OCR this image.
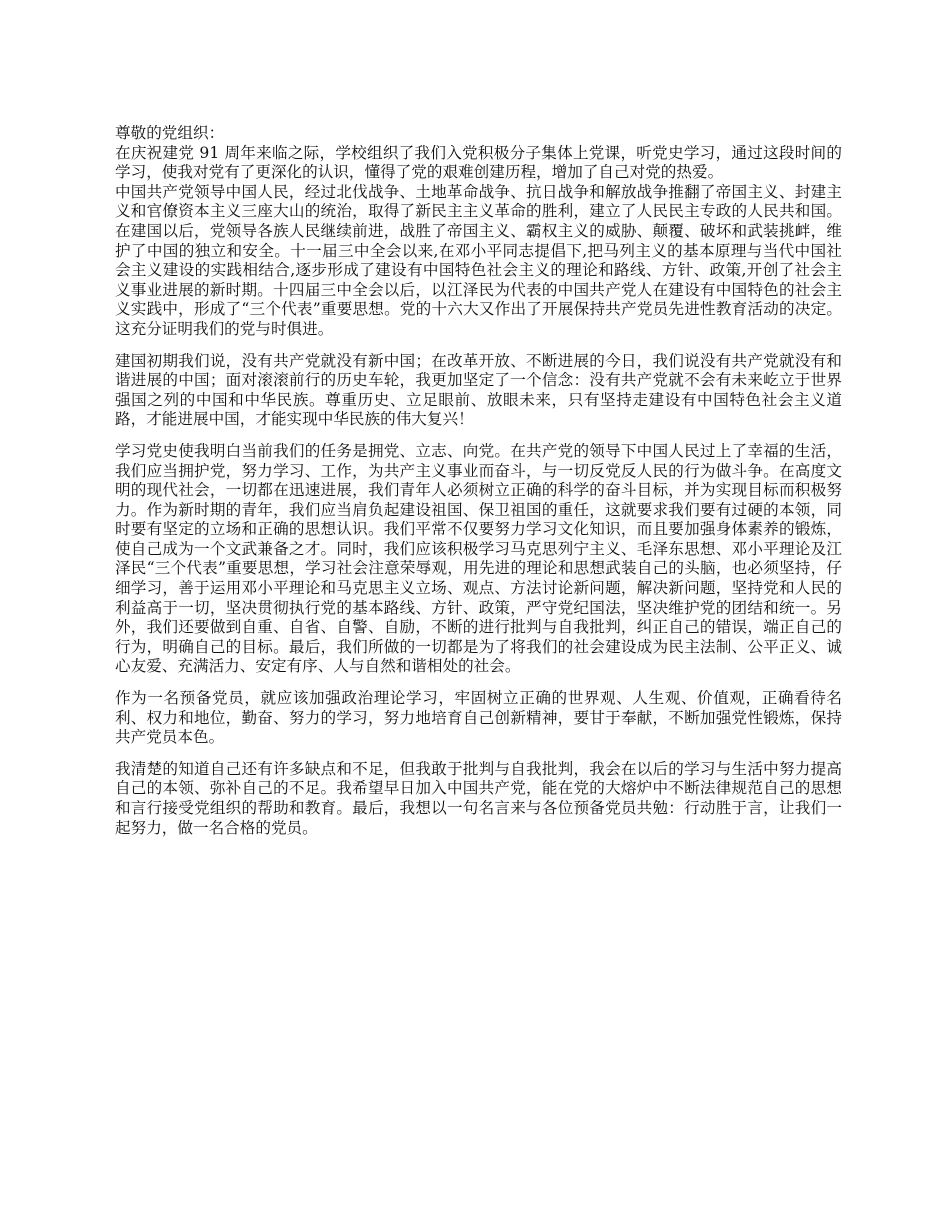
尊敬的党组织：

在庆祝建党 91 周年来临之际，学校组织了我们入党积极分子集体上党课，听党史学习，通过这段时间的学习，使我对党有了更深化的认识，懂得了党的艰难创建历程，增加了自己对党的热爱。

中国共产党领导中国人民，经过北伐战争、土地革命战争、抗日战争和解放战争推翻了帝国主义、封建主义和官僚资本主义三座大山的统治，取得了新民主主义革命的胜利，建立了人民民主专政的人民共和国。在建国以后，党领导各族人民继续前进，战胜了帝国主义、霸权主义的威胁、颠覆、破坏和武装挑衅，维护了中国的独立和安全。十一届三中全会以来,在邓小平同志提倡下,把马列主义的基本原理与当代中国社会主义建设的实践相结合,逐步形成了建设有中国特色社会主义的理论和路线、方针、政策,开创了社会主义事业进展的新时期。十四届三中全会以后，以江泽民为代表的中国共产党人在建设有中国特色的社会主义实践中，形成了“三个代表”重要思想。党的十六大又作出了开展保持共产党员先进性教育活动的决定。这充分证明我们的党与时俱进。

建国初期我们说，没有共产党就没有新中国；在改革开放、不断进展的今日，我们说没有共产党就没有和谐进展的中国；面对滚滚前行的历史车轮，我更加坚定了一个信念：没有共产党就不会有未来屹立于世界强国之列的中国和中华民族。尊重历史、立足眼前、放眼未来，只有坚持走建设有中国特色社会主义道路，才能进展中国，才能实现中华民族的伟大复兴！

学习党史使我明白当前我们的任务是拥党、立志、向党。在共产党的领导下中国人民过上了幸福的生活，我们应当拥护党，努力学习、工作，为共产主义事业而奋斗，与一切反党反人民的行为做斗争。在高度文明的现代社会，一切都在迅速进展，我们青年人必须树立正确的科学的奋斗目标，并为实现目标而积极努力。作为新时期的青年，我们应当肩负起建设祖国、保卫祖国的重任，这就要求我们要有过硬的本领，同时要有坚定的立场和正确的思想认识。我们平常不仅要努力学习文化知识，而且要加强身体素养的锻炼，使自己成为一个文武兼备之才。同时，我们应该积极学习马克思列宁主义、毛泽东思想、邓小平理论及江泽民“三个代表”重要思想，学习社会注意荣辱观，用先进的理论和思想武装自己的头脑，也必须坚持，仔细学习，善于运用邓小平理论和马克思主义立场、观点、方法讨论新问题，解决新问题，坚持党和人民的利益高于一切，坚决贯彻执行党的基本路线、方针、政策，严守党纪国法，坚决维护党的团结和统一。另外，我们还要做到自重、自省、自警、自励，不断的进行批判与自我批判，纠正自己的错误，端正自己的行为，明确自己的目标。最后，我们所做的一切都是为了将我们的社会建设成为民主法制、公平正义、诚心友爱、充满活力、安定有序、人与自然和谐相处的社会。

作为一名预备党员，就应该加强政治理论学习，牢固树立正确的世界观、人生观、价值观，正确看待名利、权力和地位，勤奋、努力的学习，努力地培育自己创新精神，要甘于奉献，不断加强党性锻炼，保持共产党员本色。

我清楚的知道自己还有许多缺点和不足，但我敢于批判与自我批判，我会在以后的学习与生活中努力提高自己的本领、弥补自己的不足。我希望早日加入中国共产党，能在党的大熔炉中不断法律规范自己的思想和言行接受党组织的帮助和教育。最后，我想以一句名言来与各位预备党员共勉：行动胜于言，让我们一起努力，做一名合格的党员。
